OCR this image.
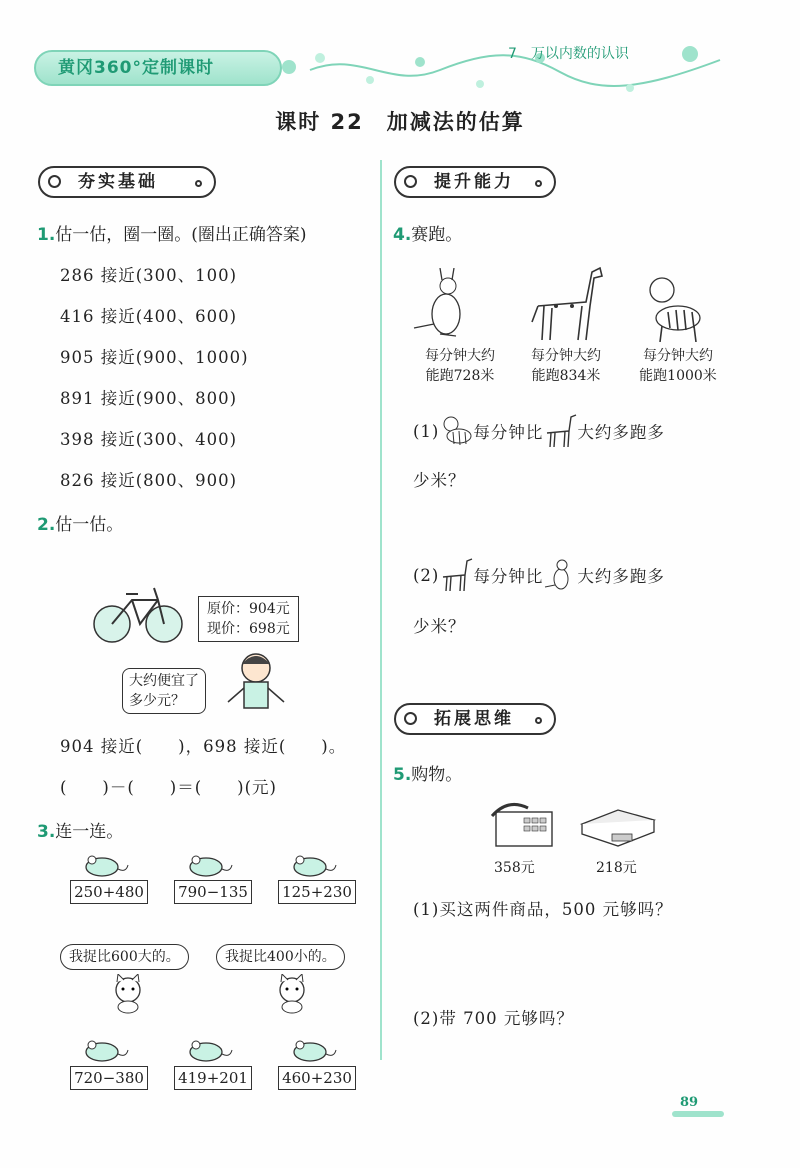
黄冈360°定制课时
7　万以内数的认识
课时 22　加减法的估算
夯实基础
1.估一估，圈一圈。(圈出正确答案)
286 接近(300、100)
416 接近(400、600)
905 接近(900、1000)
891 接近(900、800)
398 接近(300、400)
826 接近(800、900)
2.估一估。
原价：904元
现价：698元
大约便宜了
多少元？
904 接近(　　)，698 接近(　　)。
(　　)－(　　)＝(　　)(元)
3.连一连。
250+480 790−135 125+230
我捉比600大的。	我捉比400小的。
720−380 419+201 460+230
提升能力
4.赛跑。
每分钟大约
能跑728米
每分钟大约
能跑834米
每分钟大约
能跑1000米
(1) 每分钟比 大约多跑多
少米？
(2) 每分钟比 大约多跑多
少米？
拓展思维
5.购物。
358元	218元
(1)买这两件商品，500 元够吗？
(2)带 700 元够吗？
89
